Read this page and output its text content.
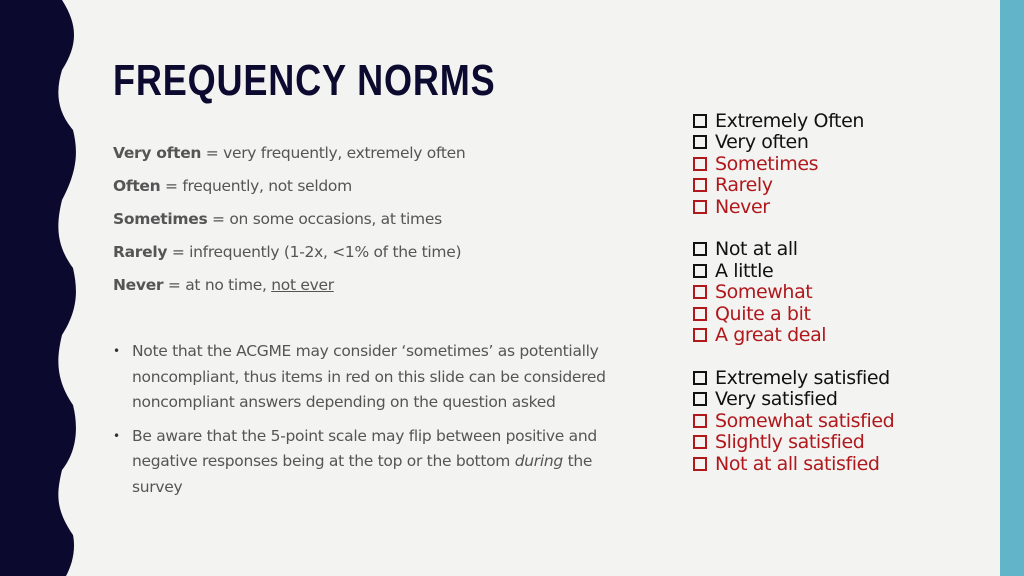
FREQUENCY NORMS
Very often = very frequently, extremely often
Often = frequently, not seldom
Sometimes = on some occasions, at times
Rarely = infrequently (1-2x, <1% of the time)
Never = at no time, not ever
• Note that the ACGME may consider ‘sometimes’ as potentially noncompliant, thus items in red on this slide can be considered noncompliant answers depending on the question asked
• Be aware that the 5-point scale may flip between positive and negative responses being at the top or the bottom during the survey
Extremely Often
Very often
Sometimes
Rarely
Never
Not at all
A little
Somewhat
Quite a bit
A great deal
Extremely satisfied
Very satisfied
Somewhat satisfied
Slightly satisfied
Not at all satisfied
